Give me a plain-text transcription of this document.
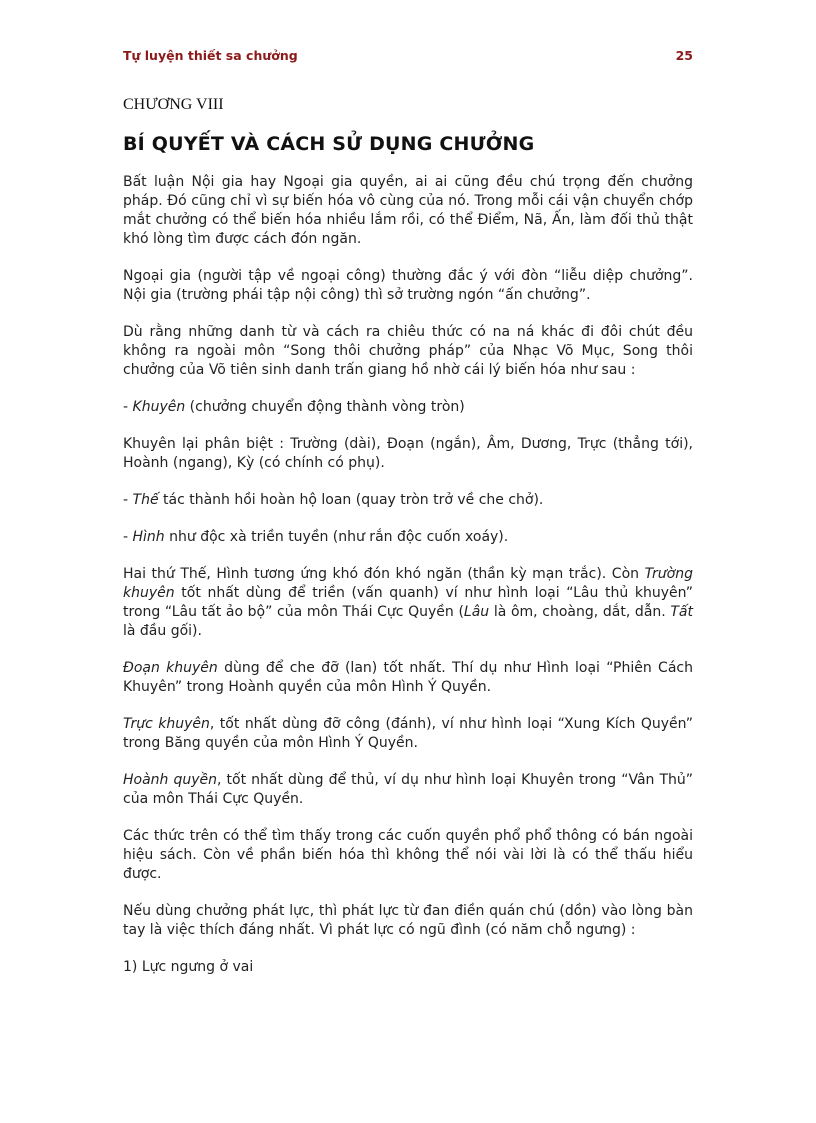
Tự luyện thiết sa chưởng	25
CHƯƠNG VIII
BÍ QUYẾT VÀ CÁCH SỬ DỤNG CHƯỞNG

Bất luận Nội gia hay Ngoại gia quyền, ai ai cũng đều chú trọng đến chưởng pháp. Đó cũng chỉ vì sự biến hóa vô cùng của nó. Trong mỗi cái vận chuyển chớp mắt chưởng có thể biến hóa nhiều lắm rồi, có thể Điểm, Nã, Ấn, làm đối thủ thật khó lòng tìm được cách đón ngăn.

Ngoại gia (người tập về ngoại công) thường đắc ý với đòn “liễu diệp chưởng”. Nội gia (trường phái tập nội công) thì sở trường ngón “ấn chưởng”.

Dù rằng những danh từ và cách ra chiêu thức có na ná khác đi đôi chút đều không ra ngoài môn “Song thôi chưởng pháp” của Nhạc Võ Mục, Song thôi chưởng của Võ tiên sinh danh trấn giang hồ nhờ cái lý biến hóa như sau :

- Khuyên (chưởng chuyển động thành vòng tròn)

Khuyên lại phân biệt : Trường (dài), Đoạn (ngắn), Âm, Dương, Trực (thẳng tới), Hoành (ngang), Kỳ (có chính có phụ).

- Thế tác thành hồi hoàn hộ loan (quay tròn trở về che chở).

- Hình như độc xà triền tuyền (như rắn độc cuốn xoáy).

Hai thứ Thế, Hình tương ứng khó đón khó ngăn (thần kỳ mạn trắc). Còn Trường khuyên tốt nhất dùng để triền (vấn quanh) ví như hình loại “Lâu thủ khuyên” trong “Lâu tất ảo bộ” của môn Thái Cực Quyền (Lâu là ôm, choàng, dắt, dẫn. Tất là đầu gối).

Đoạn khuyên dùng để che đỡ (lan) tốt nhất. Thí dụ như Hình loại “Phiên Cách Khuyên” trong Hoành quyền của môn Hình Ý Quyền.

Trực khuyên, tốt nhất dùng đỡ công (đánh), ví như hình loại “Xung Kích Quyền” trong Băng quyền của môn Hình Ý Quyền.

Hoành quyền, tốt nhất dùng để thủ, ví dụ như hình loại Khuyên trong “Vân Thủ” của môn Thái Cực Quyền.

Các thức trên có thể tìm thấy trong các cuốn quyền phổ phổ thông có bán ngoài hiệu sách. Còn về phần biến hóa thì không thể nói vài lời là có thể thấu hiểu được.

Nếu dùng chưởng phát lực, thì phát lực từ đan điền quán chú (dồn) vào lòng bàn tay là việc thích đáng nhất. Vì phát lực có ngũ đình (có năm chỗ ngưng) :

1) Lực ngưng ở vai
